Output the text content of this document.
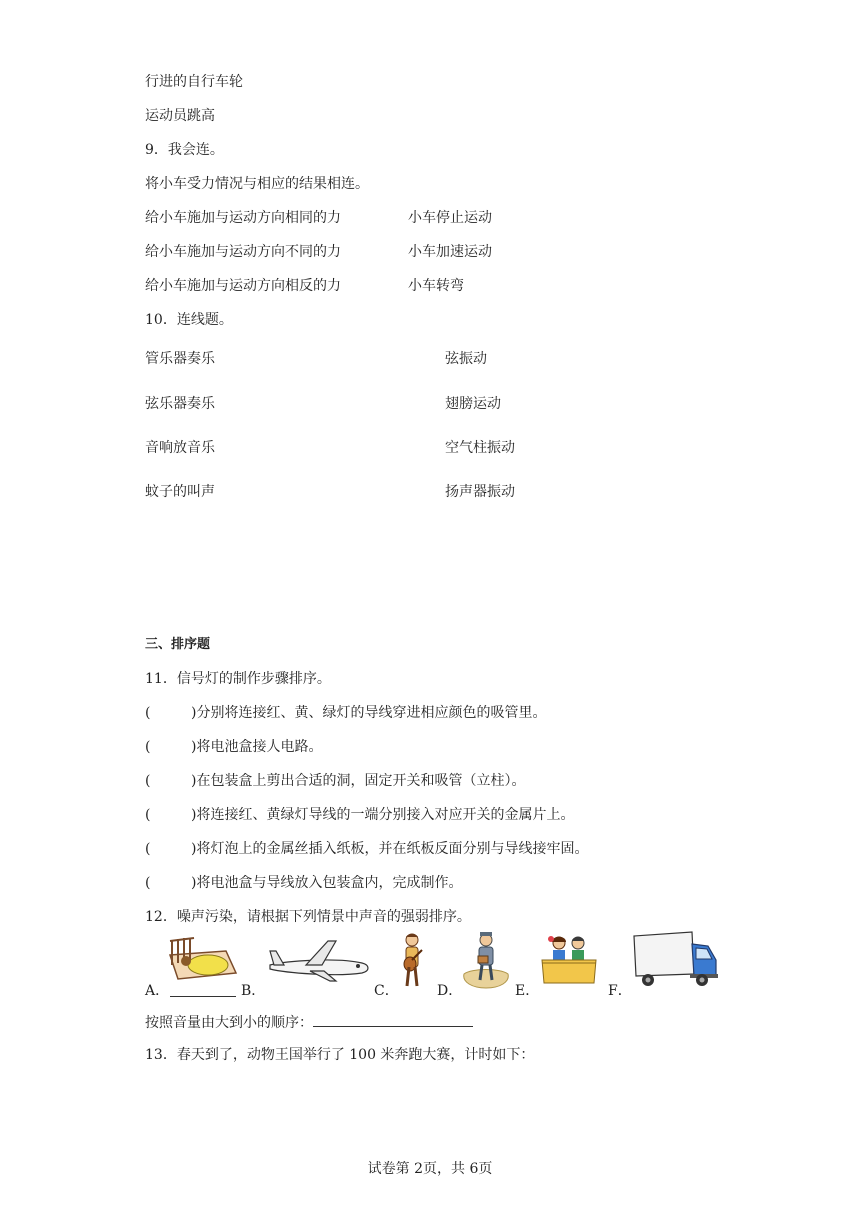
行进的自行车轮
运动员跳高
9．我会连。
将小车受力情况与相应的结果相连。
给小车施加与运动方向相同的力	小车停止运动
给小车施加与运动方向不同的力	小车加速运动
给小车施加与运动方向相反的力	小车转弯
10．连线题。
管乐器奏乐	弦振动
弦乐器奏乐	翅膀运动
音响放音乐	空气柱振动
蚊子的叫声	扬声器振动
三、排序题
11．信号灯的制作步骤排序。
(	)分别将连接红、黄、绿灯的导线穿进相应颜色的吸管里。
(	)将电池盒接人电路。
(	)在包装盒上剪出合适的洞，固定开关和吸管（立柱）。
(	)将连接红、黄绿灯导线的一端分别接入对应开关的金属片上。
(	)将灯泡上的金属丝插入纸板，并在纸板反面分别与导线接牢固。
(	)将电池盒与导线放入包装盒内，完成制作。
12．噪声污染，请根据下列情景中声音的强弱排序。
A．	B．	C．	D．	E．	F．
按照音量由大到小的顺序：
13．春天到了，动物王国举行了 100 米奔跑大赛，计时如下：
试卷第 2页，共 6页
